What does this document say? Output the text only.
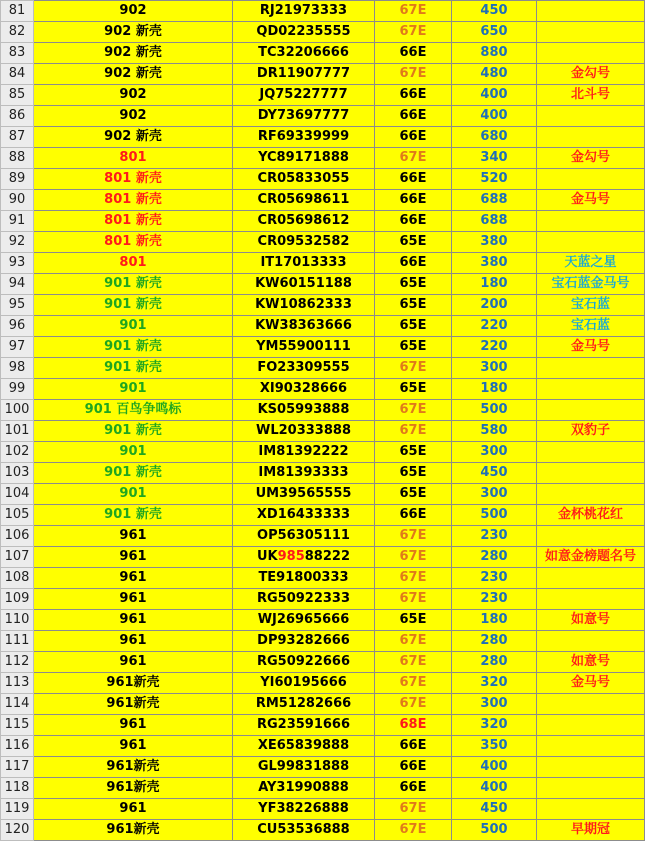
81	902	RJ21973333	67E	450	
82	902 新壳	QD02235555	67E	650	
83	902 新壳	TC32206666	66E	880	
84	902 新壳	DR11907777	67E	480	金勾号
85	902	JQ75227777	66E	400	北斗号
86	902	DY73697777	66E	400	
87	902 新壳	RF69339999	66E	680	
88	801	YC89171888	67E	340	金勾号
89	801 新壳	CR05833055	66E	520	
90	801 新壳	CR05698611	66E	688	金马号
91	801 新壳	CR05698612	66E	688	
92	801 新壳	CR09532582	65E	380	
93	801	IT17013333	66E	380	天蓝之星
94	901 新壳	KW60151188	65E	180	宝石蓝金马号
95	901 新壳	KW10862333	65E	200	宝石蓝
96	901	KW38363666	65E	220	宝石蓝
97	901 新壳	YM55900111	65E	220	金马号
98	901 新壳	FO23309555	67E	300	
99	901	XI90328666	65E	180	
100	901 百鸟争鸣标	KS05993888	67E	500	
101	901 新壳	WL20333888	67E	580	双豹子
102	901	IM81392222	65E	300	
103	901 新壳	IM81393333	65E	450	
104	901	UM39565555	65E	300	
105	901 新壳	XD16433333	66E	500	金杯桃花红
106	961	OP56305111	67E	230	
107	961	UK98588222	67E	280	如意金榜题名号
108	961	TE91800333	67E	230	
109	961	RG50922333	67E	230	
110	961	WJ26965666	65E	180	如意号
111	961	DP93282666	67E	280	
112	961	RG50922666	67E	280	如意号
113	961新壳	YI60195666	67E	320	金马号
114	961新壳	RM51282666	67E	300	
115	961	RG23591666	68E	320	
116	961	XE65839888	66E	350	
117	961新壳	GL99831888	66E	400	
118	961新壳	AY31990888	66E	400	
119	961	YF38226888	67E	450	
120	961新壳	CU53536888	67E	500	早期冠
